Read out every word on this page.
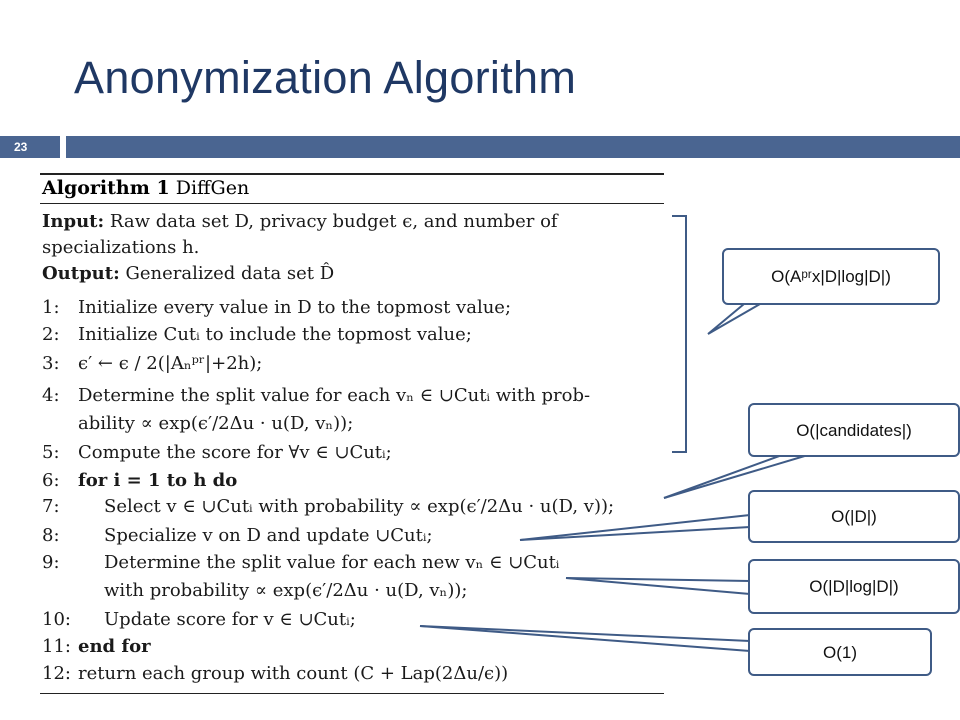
Anonymization Algorithm
23
Algorithm 1 DiffGen
Input: Raw data set D, privacy budget ϵ, and number of
specializations h.
Output: Generalized data set D̂
1: Initialize every value in D to the topmost value;
2: Initialize Cutᵢ to include the topmost value;
3: ϵ′ ← ϵ / 2(|Aₙᵖʳ|+2h);
4: Determine the split value for each vₙ ∈ ∪Cutᵢ with prob-
ability ∝ exp(ϵ′/2Δu · u(D, vₙ));
5: Compute the score for ∀v ∈ ∪Cutᵢ;
6: for i = 1 to h do
7: Select v ∈ ∪Cutᵢ with probability ∝ exp(ϵ′/2Δu · u(D, v));
8: Specialize v on D and update ∪Cutᵢ;
9: Determine the split value for each new vₙ ∈ ∪Cutᵢ
with probability ∝ exp(ϵ′/2Δu · u(D, vₙ));
10: Update score for v ∈ ∪Cutᵢ;
11: end for
12: return each group with count (C + Lap(2Δu/ϵ))
O(Aᵖʳx|D|log|D|)
O(|candidates|)
O(|D|)
O(|D|log|D|)
O(1)
